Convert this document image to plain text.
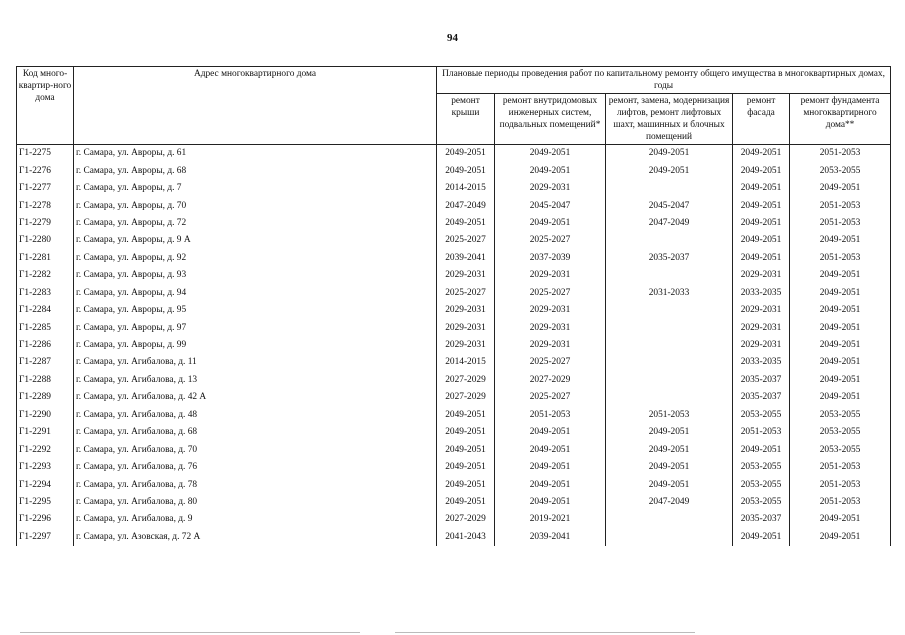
94
Код много-квартир-ного дома	Адрес многоквартирного дома	Плановые периоды проведения работ по капитальному ремонту общего имущества в многоквартирных домах, годы				
		ремонт крыши	ремонт внутридомовых инженерных систем, подвальных помещений*	ремонт, замена, модернизация лифтов, ремонт лифтовых шахт, машинных и блочных помещений	ремонт фасада	ремонт фундамента многоквартирного дома**
Г1-2275	г. Самара, ул. Авроры, д. 61	2049-2051	2049-2051	2049-2051	2049-2051	2051-2053
Г1-2276	г. Самара, ул. Авроры, д. 68	2049-2051	2049-2051	2049-2051	2049-2051	2053-2055
Г1-2277	г. Самара, ул. Авроры, д. 7	2014-2015	2029-2031		2049-2051	2049-2051
Г1-2278	г. Самара, ул. Авроры, д. 70	2047-2049	2045-2047	2045-2047	2049-2051	2051-2053
Г1-2279	г. Самара, ул. Авроры, д. 72	2049-2051	2049-2051	2047-2049	2049-2051	2051-2053
Г1-2280	г. Самара, ул. Авроры, д. 9 А	2025-2027	2025-2027		2049-2051	2049-2051
Г1-2281	г. Самара, ул. Авроры, д. 92	2039-2041	2037-2039	2035-2037	2049-2051	2051-2053
Г1-2282	г. Самара, ул. Авроры, д. 93	2029-2031	2029-2031		2029-2031	2049-2051
Г1-2283	г. Самара, ул. Авроры, д. 94	2025-2027	2025-2027	2031-2033	2033-2035	2049-2051
Г1-2284	г. Самара, ул. Авроры, д. 95	2029-2031	2029-2031		2029-2031	2049-2051
Г1-2285	г. Самара, ул. Авроры, д. 97	2029-2031	2029-2031		2029-2031	2049-2051
Г1-2286	г. Самара, ул. Авроры, д. 99	2029-2031	2029-2031		2029-2031	2049-2051
Г1-2287	г. Самара, ул. Агибалова, д. 11	2014-2015	2025-2027		2033-2035	2049-2051
Г1-2288	г. Самара, ул. Агибалова, д. 13	2027-2029	2027-2029		2035-2037	2049-2051
Г1-2289	г. Самара, ул. Агибалова, д. 42 А	2027-2029	2025-2027		2035-2037	2049-2051
Г1-2290	г. Самара, ул. Агибалова, д. 48	2049-2051	2051-2053	2051-2053	2053-2055	2053-2055
Г1-2291	г. Самара, ул. Агибалова, д. 68	2049-2051	2049-2051	2049-2051	2051-2053	2053-2055
Г1-2292	г. Самара, ул. Агибалова, д. 70	2049-2051	2049-2051	2049-2051	2049-2051	2053-2055
Г1-2293	г. Самара, ул. Агибалова, д. 76	2049-2051	2049-2051	2049-2051	2053-2055	2051-2053
Г1-2294	г. Самара, ул. Агибалова, д. 78	2049-2051	2049-2051	2049-2051	2053-2055	2051-2053
Г1-2295	г. Самара, ул. Агибалова, д. 80	2049-2051	2049-2051	2047-2049	2053-2055	2051-2053
Г1-2296	г. Самара, ул. Агибалова, д. 9	2027-2029	2019-2021		2035-2037	2049-2051
Г1-2297	г. Самара, ул. Азовская, д. 72 А	2041-2043	2039-2041		2049-2051	2049-2051
